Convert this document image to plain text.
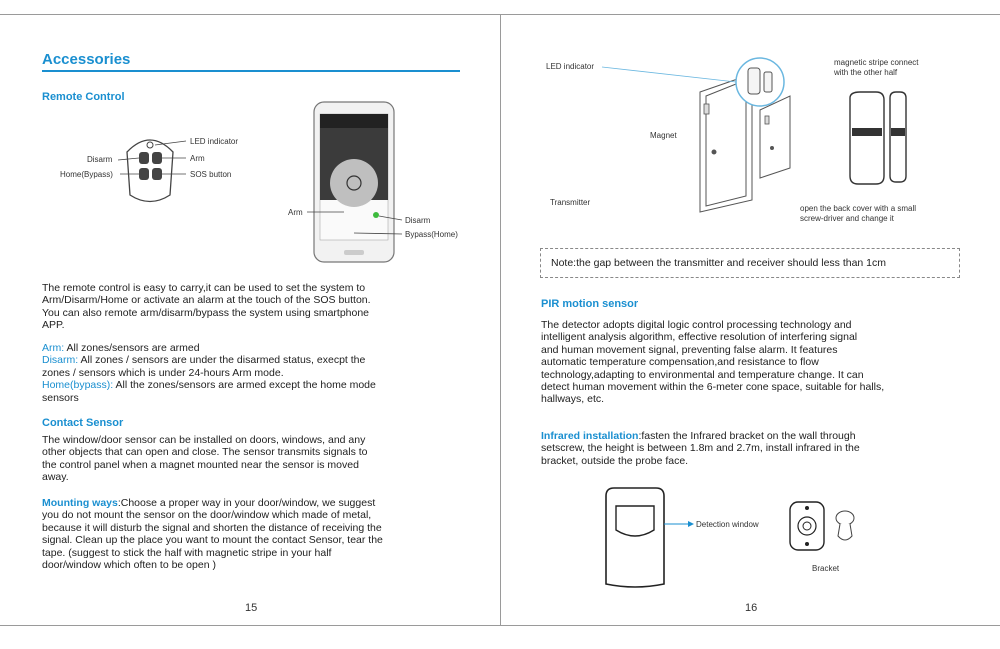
Accessories
Remote Control
LED indicator
Arm
SOS button
Disarm
Home(Bypass)
Arm
Disarm
Bypass(Home)
The remote control is easy to carry,it can be used to set the system to
Arm/Disarm/Home or activate an alarm at the touch of the SOS button.
You can also remote arm/disarm/bypass the system using smartphone
APP.
Arm: All zones/sensors are armed
Disarm: All zones / sensors are under the disarmed status, execpt the
zones / sensors which is under 24-hours Arm mode.
Home(bypass): All the zones/sensors are armed except the home mode
sensors
Contact Sensor
The window/door sensor can be installed on doors, windows, and any
other objects that can open and close. The sensor transmits signals to
the control panel when a magnet mounted near the sensor is moved
away.
Mounting ways:Choose a proper way in your door/window, we suggest
you do not mount the sensor on the door/window which made of metal,
because it will disturb the signal and shorten the distance of receiving the
signal. Clean up the place you want to mount the contact Sensor, tear the
tape. (suggest to stick the half with magnetic stripe in your half
door/window which often to be open )
15
LED indicator	magnetic stripe connect
with the other half
Magnet
Transmitter
open the back cover with a small
screw-driver and change it
Note:the gap between the transmitter and receiver should less than 1cm
PIR motion sensor
The detector adopts digital logic control processing technology and
intelligent analysis algorithm, effective resolution of interfering signal
and human movement signal, preventing false alarm. It features
automatic temperature compensation,and resistance to flow
technology,adapting to environmental and temperature change. It can
detect human movement within the 6-meter cone space, suitable for halls,
hallways, etc.
Infrared installation:fasten the Infrared bracket on the wall through
setscrew, the height is between 1.8m and 2.7m, install infrared in the
bracket, outside the probe face.
Detection window
Bracket
16
